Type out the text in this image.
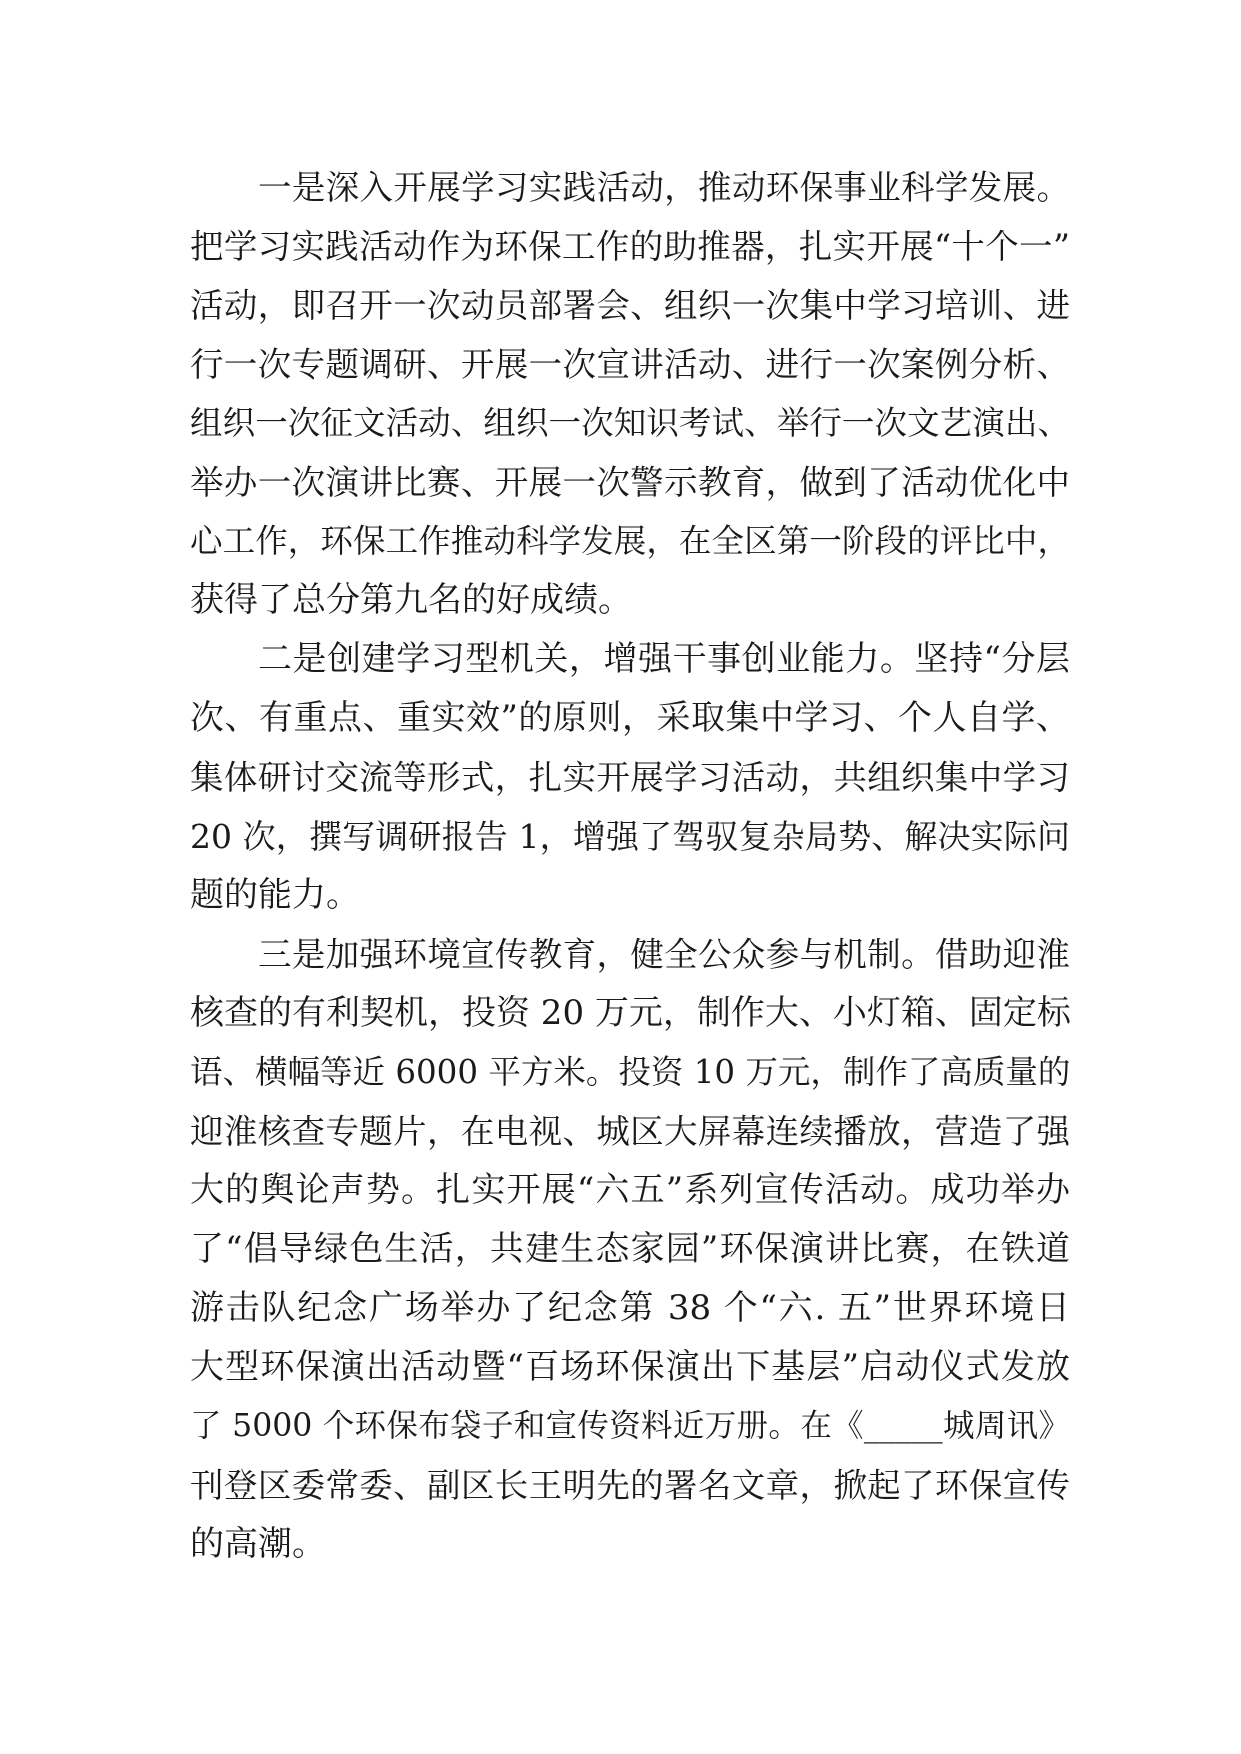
一是深入开展学习实践活动，推动环保事业科学发展。
把学习实践活动作为环保工作的助推器，扎实开展“十个一”
活动，即召开一次动员部署会、组织一次集中学习培训、进
行一次专题调研、开展一次宣讲活动、进行一次案例分析、
组织一次征文活动、组织一次知识考试、举行一次文艺演出、
举办一次演讲比赛、开展一次警示教育，做到了活动优化中
心工作，环保工作推动科学发展，在全区第一阶段的评比中，
获得了总分第九名的好成绩。
二是创建学习型机关，增强干事创业能力。坚持“分层
次、有重点、重实效”的原则，采取集中学习、个人自学、
集体研讨交流等形式，扎实开展学习活动，共组织集中学习
20 次，撰写调研报告 1，增强了驾驭复杂局势、解决实际问
题的能力。
三是加强环境宣传教育，健全公众参与机制。借助迎淮
核查的有利契机，投资 20 万元，制作大、小灯箱、固定标
语、横幅等近 6000 平方米。投资 10 万元，制作了高质量的
迎淮核查专题片，在电视、城区大屏幕连续播放，营造了强
大的舆论声势。扎实开展“六五”系列宣传活动。成功举办
了“倡导绿色生活，共建生态家园”环保演讲比赛，在铁道
游击队纪念广场举办了纪念第 38 个“六. 五”世界环境日
大型环保演出活动暨“百场环保演出下基层”启动仪式发放
了 5000 个环保布袋子和宣传资料近万册。在《_____城周讯》
刊登区委常委、副区长王明先的署名文章，掀起了环保宣传
的高潮。
